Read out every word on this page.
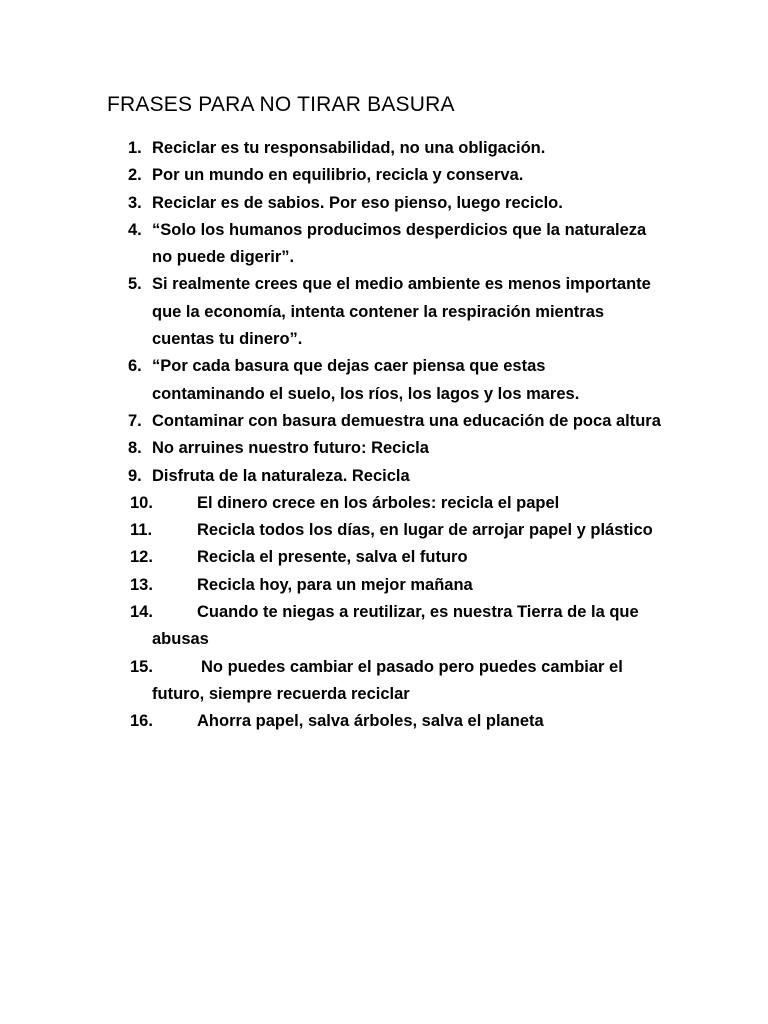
FRASES PARA NO TIRAR BASURA
1. Reciclar es tu responsabilidad, no una obligación.
2. Por un mundo en equilibrio, recicla y conserva.
3. Reciclar es de sabios. Por eso pienso, luego reciclo.
4. “Solo los humanos producimos desperdicios que la naturaleza no puede digerir”.
5. Si realmente crees que el medio ambiente es menos importante que la economía, intenta contener la respiración mientras cuentas tu dinero”.
6. “Por cada basura que dejas caer piensa que estas contaminando el suelo, los ríos, los lagos y los mares.
7. Contaminar con basura demuestra una educación de poca altura
8. No arruines nuestro futuro: Recicla
9. Disfruta de la naturaleza. Recicla
10.	El dinero crece en los árboles: recicla el papel
11.	Recicla todos los días, en lugar de arrojar papel y plástico
12.	Recicla el presente, salva el futuro
13.	Recicla hoy, para un mejor mañana
14.	Cuando te niegas a reutilizar, es nuestra Tierra de la que abusas
15.	No puedes cambiar el pasado pero puedes cambiar el futuro, siempre recuerda reciclar
16.	Ahorra papel, salva árboles, salva el planeta
